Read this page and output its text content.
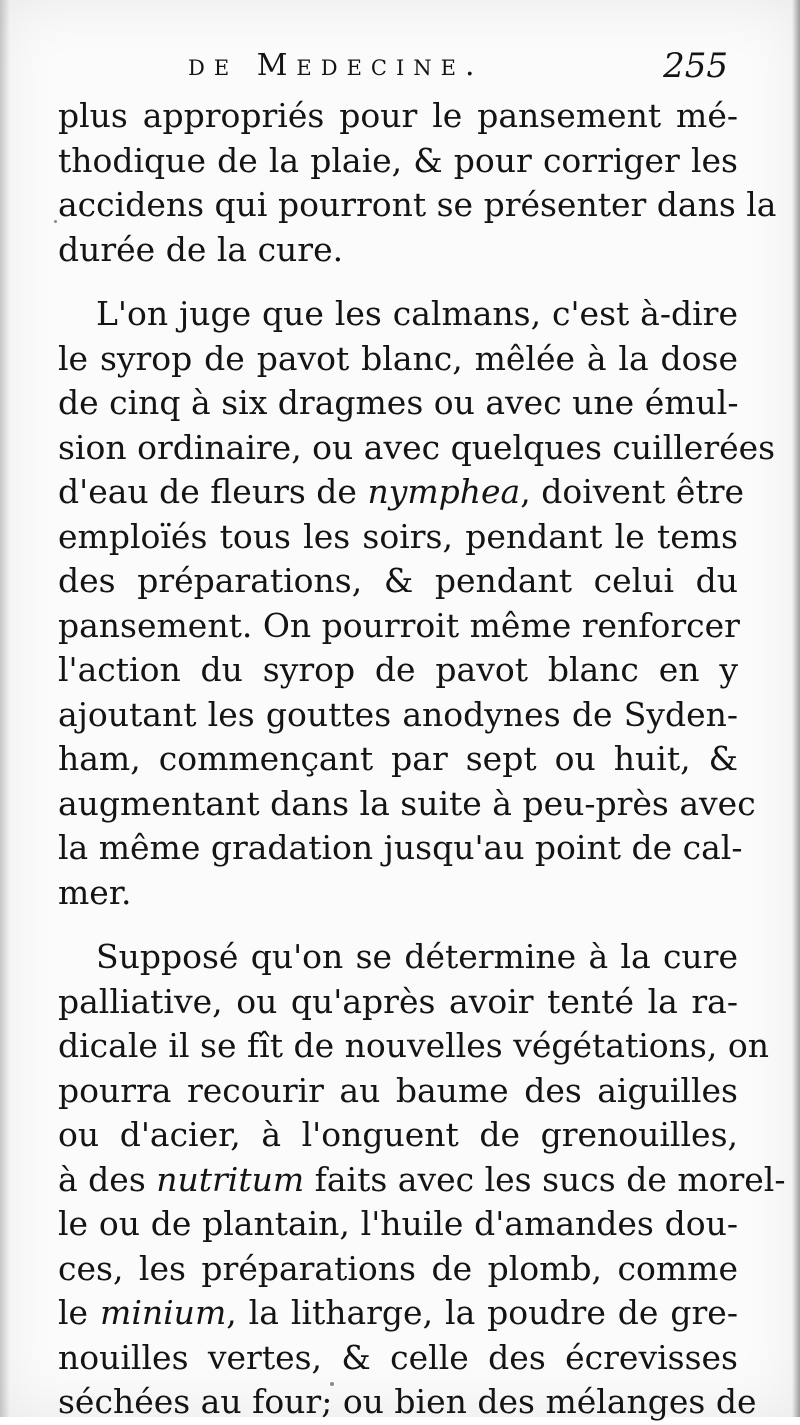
de Medecine.	255
plus appropriés pour le pansement mé-
thodique de la plaie, & pour corriger les
accidens qui pourront se présenter dans la
durée de la cure.
L'on juge que les calmans, c'est à-dire
le syrop de pavot blanc, mêlée à la dose
de cinq à six dragmes ou avec une émul-
sion ordinaire, ou avec quelques cuillerées
d'eau de fleurs de nymphea, doivent être
emploïés tous les soirs, pendant le tems
des préparations, & pendant celui du
pansement. On pourroit même renforcer
l'action du syrop de pavot blanc en y
ajoutant les gouttes anodynes de Syden-
ham, commençant par sept ou huit, &
augmentant dans la suite à peu-près avec
la même gradation jusqu'au point de cal-
mer.
Supposé qu'on se détermine à la cure
palliative, ou qu'après avoir tenté la ra-
dicale il se fît de nouvelles végétations, on
pourra recourir au baume des aiguilles
ou d'acier, à l'onguent de grenouilles,
à des nutritum faits avec les sucs de morel-
le ou de plantain, l'huile d'amandes dou-
ces, les préparations de plomb, comme
le minium, la litharge, la poudre de gre-
nouilles vertes, & celle des écrevisses
séchées au four; ou bien des mélanges de
